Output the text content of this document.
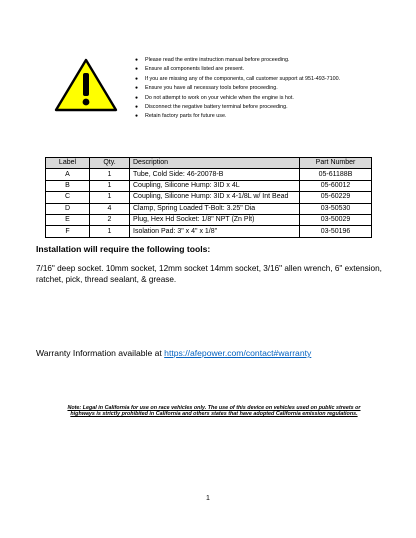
● Please read the entire instruction manual before proceeding.
● Ensure all components listed are present.
● If you are missing any of the components, call customer support at 951-493-7100.
● Ensure you have all necessary tools before proceeding.
● Do not attempt to work on your vehicle when the engine is hot.
● Disconnect the negative battery terminal before proceeding.
● Retain factory parts for future use.
Label	Qty.	Description	Part Number
A	1	Tube, Cold Side: 46-20078-B	05-61188B
B	1	Coupling, Silicone Hump: 3ID x 4L	05-60012
C	1	Coupling, Silicone Hump: 3ID x 4-1/8L w/ Int Bead	05-60229
D	4	Clamp, Spring Loaded T-Bolt: 3.25" Dia	03-50530
E	2	Plug, Hex Hd Socket: 1/8" NPT (Zn Plt)	03-50029
F	1	Isolation Pad: 3" x 4" x 1/8"	03-50196
Installation will require the following tools:
7/16" deep socket. 10mm socket, 12mm socket 14mm socket, 3/16" allen wrench, 6" extension, ratchet, pick, thread sealant, & grease.
Warranty Information available at https://afepower.com/contact#warranty
Note: Legal in California for use on race vehicles only. The use of this device on vehicles used on public streets or highways is strictly prohibited in California and others states that have adopted California emission regulations.
1
